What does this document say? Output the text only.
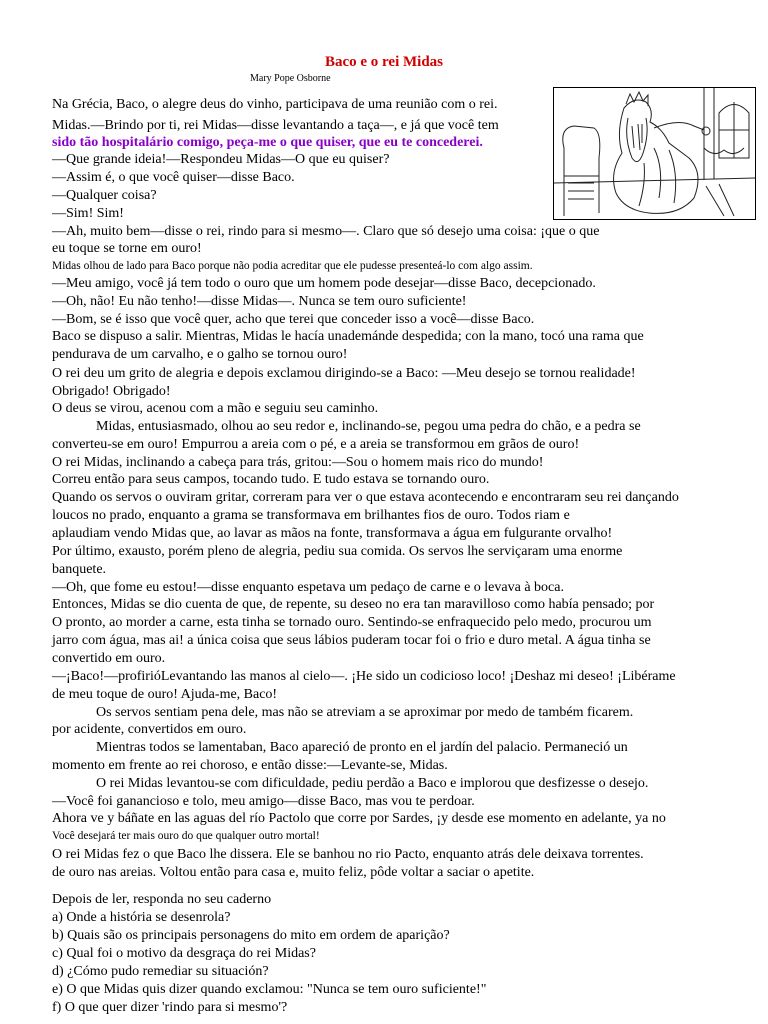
Baco e o rei Midas
Mary Pope Osborne
Na Grécia, Baco, o alegre deus do vinho, participava de uma reunião com o rei.
Midas.—Brindo por ti, rei Midas—disse levantando a taça—, e já que você tem
sido tão hospitalário comigo, peça-me o que quiser, que eu te concederei.
—Que grande ideia!—Respondeu Midas—O que eu quiser?
—Assim é, o que você quiser—disse Baco.
—Qualquer coisa?
—Sim! Sim!
—Ah, muito bem—disse o rei, rindo para si mesmo—. Claro que só desejo uma coisa: ¡que o que
eu toque se torne em ouro!
Midas olhou de lado para Baco porque não podia acreditar que ele pudesse presenteá-lo com algo assim.
—Meu amigo, você já tem todo o ouro que um homem pode desejar—disse Baco, decepcionado.
—Oh, não! Eu não tenho!—disse Midas—. Nunca se tem ouro suficiente!
—Bom, se é isso que você quer, acho que terei que conceder isso a você—disse Baco.
Baco se dispuso a salir. Mientras, Midas le hacía unademánde despedida; con la mano, tocó una rama que
pendurava de um carvalho, e o galho se tornou ouro!
O rei deu um grito de alegria e depois exclamou dirigindo-se a Baco: —Meu desejo se tornou realidade!
Obrigado! Obrigado!
O deus se virou, acenou com a mão e seguiu seu caminho.
Midas, entusiasmado, olhou ao seu redor e, inclinando-se, pegou uma pedra do chão, e a pedra se
converteu-se em ouro! Empurrou a areia com o pé, e a areia se transformou em grãos de ouro!
O rei Midas, inclinando a cabeça para trás, gritou:—Sou o homem mais rico do mundo!
Correu então para seus campos, tocando tudo. E tudo estava se tornando ouro.
Quando os servos o ouviram gritar, correram para ver o que estava acontecendo e encontraram seu rei dançando
loucos no prado, enquanto a grama se transformava em brilhantes fios de ouro. Todos riam e
aplaudiam vendo Midas que, ao lavar as mãos na fonte, transformava a água em fulgurante orvalho!
Por último, exausto, porém pleno de alegria, pediu sua comida. Os servos lhe serviçaram uma enorme
banquete.
—Oh, que fome eu estou!—disse enquanto espetava um pedaço de carne e o levava à boca.
Entonces, Midas se dio cuenta de que, de repente, su deseo no era tan maravilloso como había pensado; por
O pronto, ao morder a carne, esta tinha se tornado ouro. Sentindo-se enfraquecido pelo medo, procurou um
jarro com água, mas ai! a única coisa que seus lábios puderam tocar foi o frio e duro metal. A água tinha se
convertido em ouro.
—¡Baco!—profirióLevantando las manos al cielo—. ¡He sido un codicioso loco! ¡Deshaz mi deseo! ¡Libérame
de meu toque de ouro! Ajuda-me, Baco!
Os servos sentiam pena dele, mas não se atreviam a se aproximar por medo de também ficarem.
por acidente, convertidos em ouro.
Mientras todos se lamentaban, Baco apareció de pronto en el jardín del palacio. Permaneció un
momento em frente ao rei choroso, e então disse:—Levante-se, Midas.
O rei Midas levantou-se com dificuldade, pediu perdão a Baco e implorou que desfizesse o desejo.
—Você foi ganancioso e tolo, meu amigo—disse Baco, mas vou te perdoar.
Ahora ve y báñate en las aguas del río Pactolo que corre por Sardes, ¡y desde ese momento en adelante, ya no
Você desejará ter mais ouro do que qualquer outro mortal!
O rei Midas fez o que Baco lhe dissera. Ele se banhou no rio Pacto, enquanto atrás dele deixava torrentes.
de ouro nas areias. Voltou então para casa e, muito feliz, pôde voltar a saciar o apetite.
Depois de ler, responda no seu caderno
a) Onde a história se desenrola?
b) Quais são os principais personagens do mito em ordem de aparição?
c) Qual foi o motivo da desgraça do rei Midas?
d) ¿Cómo pudo remediar su situación?
e) O que Midas quis dizer quando exclamou: "Nunca se tem ouro suficiente!"
f) O que quer dizer 'rindo para si mesmo'?
